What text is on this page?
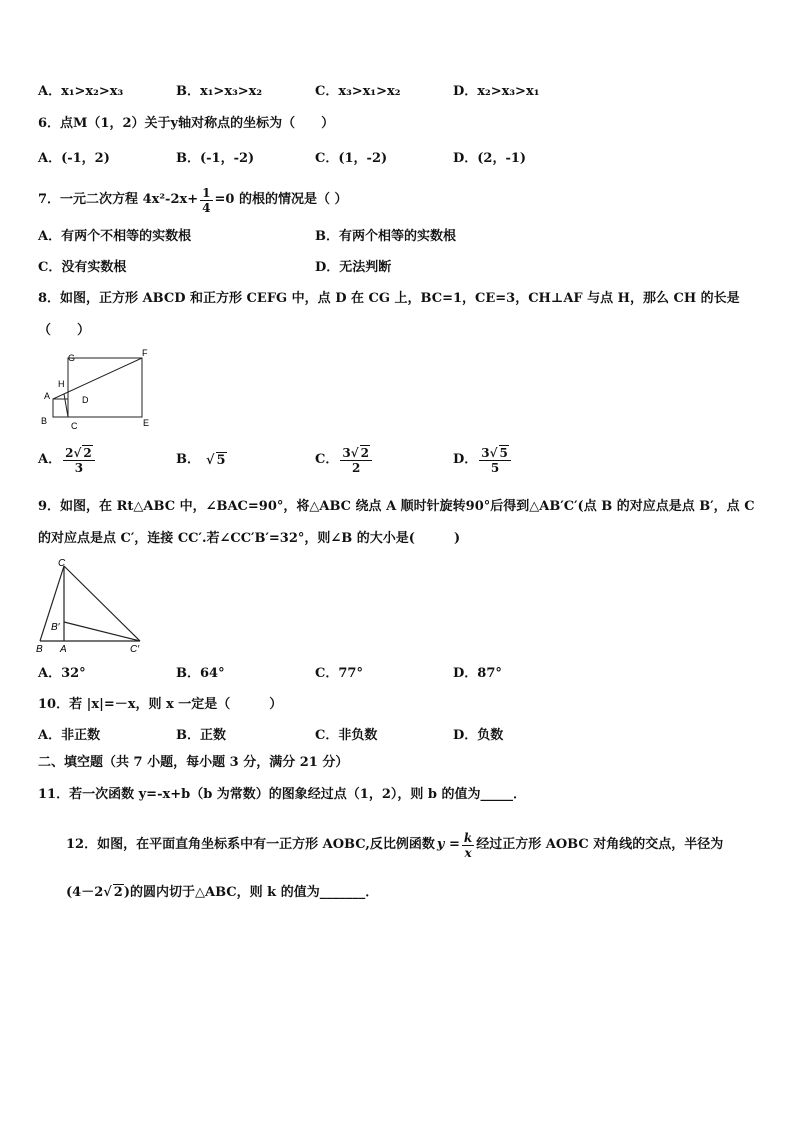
A．x₁>x₂>x₃	B．x₁>x₃>x₂	C．x₃>x₁>x₂	D．x₂>x₃>x₁
6．点M（1，2）关于y轴对称点的坐标为（　　）
A．(-1，2)	B．(-1，-2)	C．(1，-2)	D．(2，-1)
7．一元二次方程 $4x^2-2x+ \frac{1}{4} =0$ 的根的情况是（ ）
A．有两个不相等的实数根	B．有两个相等的实数根
C．没有实数根	D．无法判断
8．如图，正方形 ABCD 和正方形 CEFG 中，点 D 在 CG 上，BC=1，CE=3，CH⊥AF 与点 H，那么 CH 的长是
（　　）
G	F
H
A	D
B	C	E
A． $\frac{2√ 2}{3}$	B． √ 5	C． $\frac{3√ 2}{2}$	D． $\frac{3√ 5}{5}$
9．如图，在 Rt△ABC 中，∠BAC=90°，将△ABC 绕点 A 顺时针旋转90°后得到△AB′C′(点 B 的对应点是点 B′，点 C
的对应点是点 C′，连接 CC′.若∠CC′B′=32°，则∠B 的大小是(　　　)
C
B′
B A	C′
A．32°	B．64°	C．77°	D．87°
10．若 |x|=－x，则 x 一定是（　　　）
A．非正数	B．正数	C．非负数	D．负数
二、填空题（共 7 小题，每小题 3 分，满分 21 分）
11．若一次函数 y=-x+b（b 为常数）的图象经过点（1，2），则 b 的值为_____．
12．如图，在平面直角坐标系中有一正方形 AOBC,反比例函数 $y = \frac{k}{x}$ 经过正方形 AOBC 对角线的交点，半径为
(4－2√ 2)的圆内切于△ABC，则 k 的值为_______．
